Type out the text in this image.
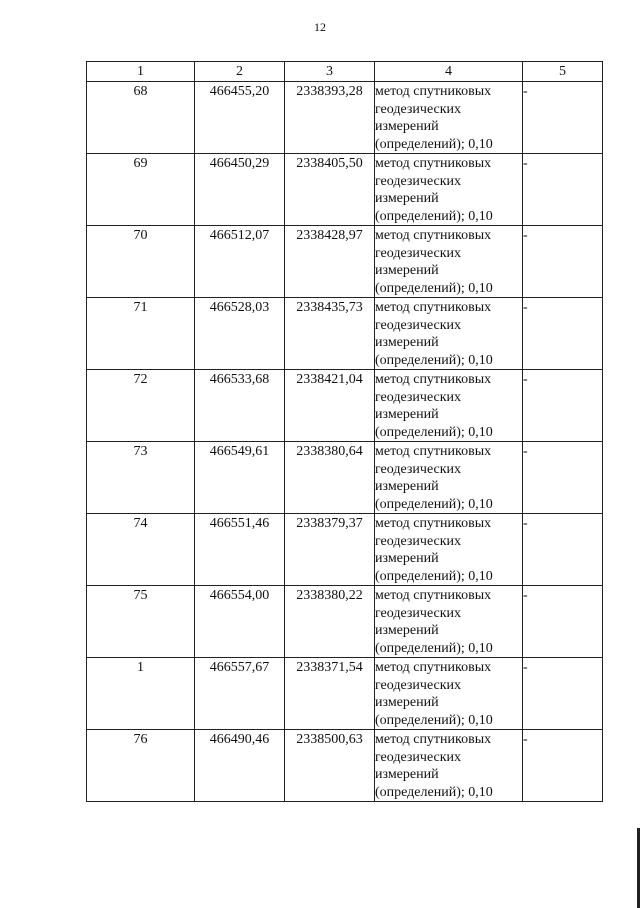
12
1	2	3	4	5
68	466455,20	2338393,28	метод спутниковых геодезических измерений (определений); 0,10	-
69	466450,29	2338405,50	метод спутниковых геодезических измерений (определений); 0,10	-
70	466512,07	2338428,97	метод спутниковых геодезических измерений (определений); 0,10	-
71	466528,03	2338435,73	метод спутниковых геодезических измерений (определений); 0,10	-
72	466533,68	2338421,04	метод спутниковых геодезических измерений (определений); 0,10	-
73	466549,61	2338380,64	метод спутниковых геодезических измерений (определений); 0,10	-
74	466551,46	2338379,37	метод спутниковых геодезических измерений (определений); 0,10	-
75	466554,00	2338380,22	метод спутниковых геодезических измерений (определений); 0,10	-
1	466557,67	2338371,54	метод спутниковых геодезических измерений (определений); 0,10	-
76	466490,46	2338500,63	метод спутниковых геодезических измерений (определений); 0,10	-
